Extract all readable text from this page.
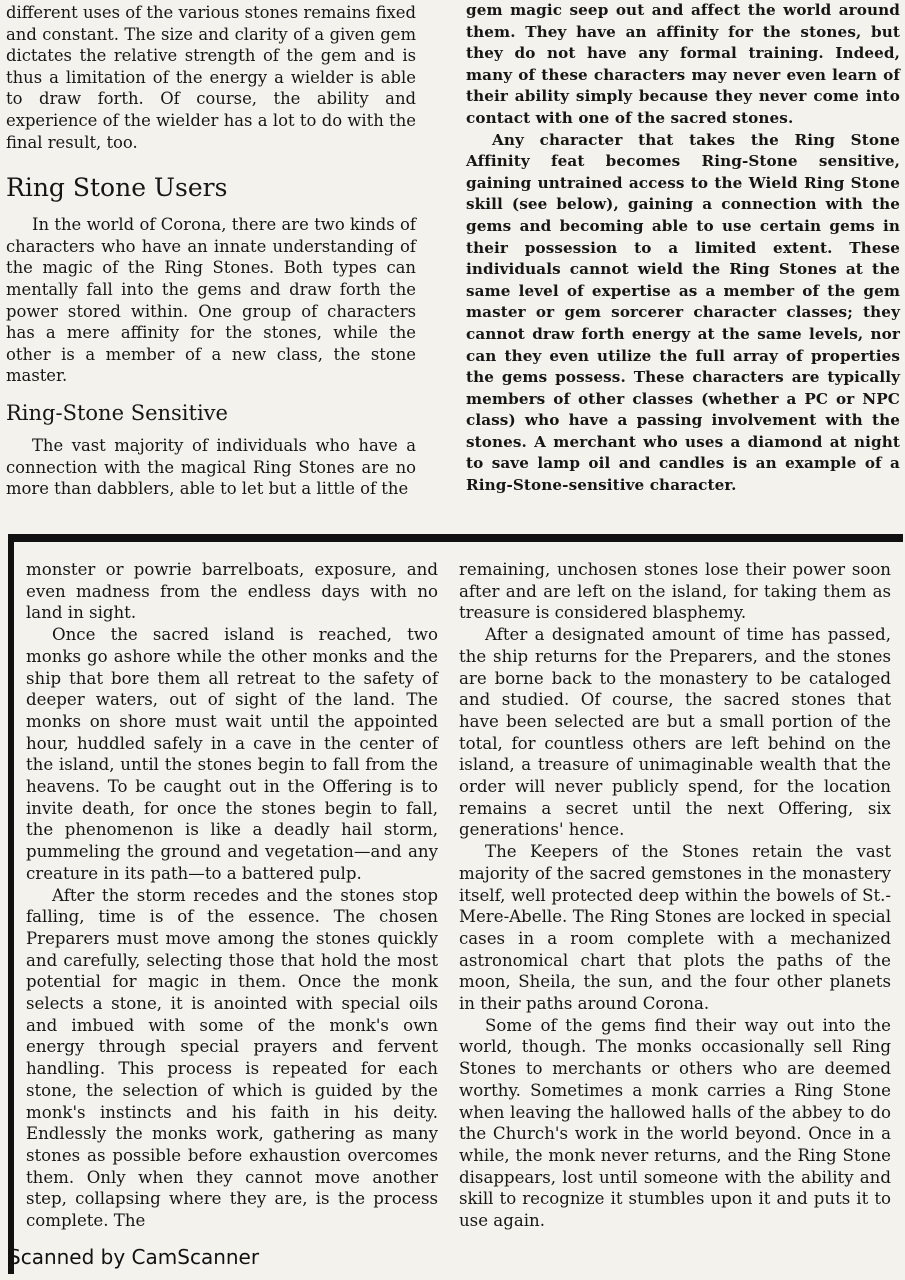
different uses of the various stones remains fixed and constant. The size and clarity of a given gem dictates the relative strength of the gem and is thus a limitation of the energy a wielder is able to draw forth. Of course, the ability and experience of the wielder has a lot to do with the final result, too.

Ring Stone Users

In the world of Corona, there are two kinds of characters who have an innate understanding of the magic of the Ring Stones. Both types can mentally fall into the gems and draw forth the power stored within. One group of characters has a mere affinity for the stones, while the other is a member of a new class, the stone master.

Ring-Stone Sensitive

The vast majority of individuals who have a connection with the magical Ring Stones are no more than dabblers, able to let but a little of the

gem magic seep out and affect the world around them. They have an affinity for the stones, but they do not have any formal training. Indeed, many of these characters may never even learn of their ability simply because they never come into contact with one of the sacred stones.

Any character that takes the Ring Stone Affinity feat becomes Ring-Stone sensitive, gaining untrained access to the Wield Ring Stone skill (see below), gaining a connection with the gems and becoming able to use certain gems in their possession to a limited extent. These individuals cannot wield the Ring Stones at the same level of expertise as a member of the gem master or gem sorcerer character classes; they cannot draw forth energy at the same levels, nor can they even utilize the full array of properties the gems possess. These characters are typically members of other classes (whether a PC or NPC class) who have a passing involvement with the stones. A merchant who uses a diamond at night to save lamp oil and candles is an example of a Ring-Stone-sensitive character.

monster or powrie barrelboats, exposure, and even madness from the endless days with no land in sight.

Once the sacred island is reached, two monks go ashore while the other monks and the ship that bore them all retreat to the safety of deeper waters, out of sight of the land. The monks on shore must wait until the appointed hour, huddled safely in a cave in the center of the island, until the stones begin to fall from the heavens. To be caught out in the Offering is to invite death, for once the stones begin to fall, the phenomenon is like a deadly hail storm, pummeling the ground and vegetation—and any creature in its path—to a battered pulp.

After the storm recedes and the stones stop falling, time is of the essence. The chosen Preparers must move among the stones quickly and carefully, selecting those that hold the most potential for magic in them. Once the monk selects a stone, it is anointed with special oils and imbued with some of the monk's own energy through special prayers and fervent handling. This process is repeated for each stone, the selection of which is guided by the monk's instincts and his faith in his deity. Endlessly the monks work, gathering as many stones as possible before exhaustion overcomes them. Only when they cannot move another step, collapsing where they are, is the process complete. The

remaining, unchosen stones lose their power soon after and are left on the island, for taking them as treasure is considered blasphemy.

After a designated amount of time has passed, the ship returns for the Preparers, and the stones are borne back to the monastery to be cataloged and studied. Of course, the sacred stones that have been selected are but a small portion of the total, for countless others are left behind on the island, a treasure of unimaginable wealth that the order will never publicly spend, for the location remains a secret until the next Offering, six generations' hence.

The Keepers of the Stones retain the vast majority of the sacred gemstones in the monastery itself, well protected deep within the bowels of St.-Mere-Abelle. The Ring Stones are locked in special cases in a room complete with a mechanized astronomical chart that plots the paths of the moon, Sheila, the sun, and the four other planets in their paths around Corona.

Some of the gems find their way out into the world, though. The monks occasionally sell Ring Stones to merchants or others who are deemed worthy. Sometimes a monk carries a Ring Stone when leaving the hallowed halls of the abbey to do the Church's work in the world beyond. Once in a while, the monk never returns, and the Ring Stone disappears, lost until someone with the ability and skill to recognize it stumbles upon it and puts it to use again.

Scanned by CamScanner
